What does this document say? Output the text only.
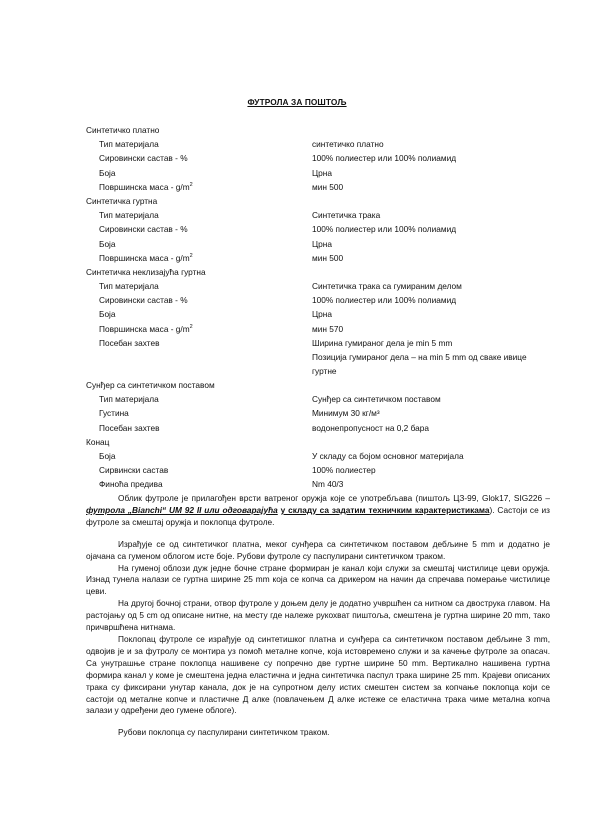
ФУТРОЛА ЗА ПОШТОЉ
Синтетичко платно
Тип материјала	синтетичко платно
Сировински састав - %	100% полиестер или 100% полиамид
Боја	Црна
Површинска маса - $g/m^2$	мин 500
Синтетичка гуртна
Тип материјала	Синтетичка трака
Сировински састав - %	100% полиестер или 100% полиамид
Боја	Црна
Површинска маса - $g/m^2$	мин 500
Синтетичка неклизајућа гуртна
Тип материјала	Синтетичка трака са гумираним делом
Сировински састав - %	100% полиестер или 100% полиамид
Боја	Црна
Површинска маса - $g/m^2$	мин 570
Посебан захтев	Ширина гумираног дела је min 5 mm
Позиција гумираног дела – на min 5 mm од сваке ивице гуртне
Сунђер са синтетичком поставом
Тип материјала	Сунђер са синтетичком поставом
Густина	Минимум 30 кг/м³
Посебан захтев	водонепропусност на 0,2 бара
Конац
Боја	У складу са бојом основног материјала
Сирвински састав	100% полиестер
Финоћа предива	Nm 40/3

Облик футроле је прилагођен врсти ватреног оружја које се употребљава (пиштољ ЦЗ-99, Glok17, SIG226 – футрола „Bianchi“ UM 92 II или одговарајућа у складу са задатим техничким карактеристикама). Састоји се из футроле за смештај оружја и поклопца футроле.

Израђује се од синтетичког платна, меког сунђера са синтетичком поставом дебљине 5 mm и додатно је ојачана са гуменом облогом исте боје. Рубови футроле су паспулирани синтетичком траком.

На гуменој облози дуж једне бочне стране формиран је канал који служи за смештај чистилице цеви оружја. Изнад тунела налази се гуртна ширине 25 mm која се копча са дрикером на начин да спречава померање чистилице цеви.

На другој бочној страни, отвор футроле у доњем делу је додатно учвршћен са нитном са двострука главом. На растојању од 5 cm од описане нитне, на месту где належе рукохват пиштоља, смештена је гуртна ширине 20 mm, тако причвршћена нитнама.

Поклопац футроле се израђује од синтетишког платна и сунђера са синтетичком поставом дебљине 3 mm, одвојив је и за футролу се монтира уз помоћ металне копче, која истовремено служи и за качење футроле за опасач. Са унутрашње стране поклопца нашивене су попречно две гуртне ширине 50 mm. Вертикално нашивена гуртна формира канал у коме је смештена једна еластична и једна синтетичка паспул трака ширине 25 mm. Крајеви описаних трака су фиксирани унутар канала, док је на супротном делу истих смештен систем за копчање поклопца који се састоји од металне копче и пластичне Д алке (повлачењем Д алке истеже се еластична трака чиме метална копча залази у одређени део гумене облоге).

Рубови поклопца су паспулирани синтетичком траком.
